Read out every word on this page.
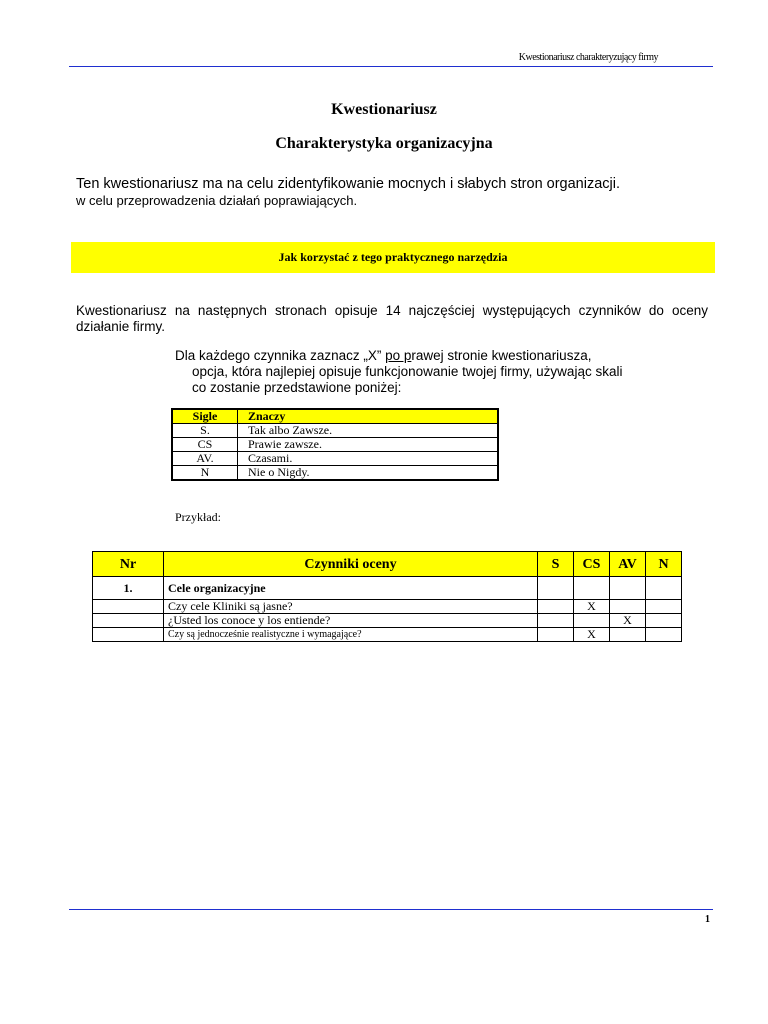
Kwestionariusz charakteryzujący firmy
Kwestionariusz
Charakterystyka organizacyjna
Ten kwestionariusz ma na celu zidentyfikowanie mocnych i słabych stron organizacji.
w celu przeprowadzenia działań poprawiających.
Jak korzystać z tego praktycznego narzędzia
Kwestionariusz na następnych stronach opisuje 14 najczęściej występujących czynników do oceny działanie firmy.
Dla każdego czynnika zaznacz „X” po prawej stronie kwestionariusza,
opcja, która najlepiej opisuje funkcjonowanie twojej firmy, używając skali
co zostanie przedstawione poniżej:
Sigle	Znaczy
S.	Tak albo Zawsze.
CS	Prawie zawsze.
AV.	Czasami.
N	Nie o Nigdy.
Przykład:
Nr	Czynniki oceny	S	CS	AV	N
1.	Cele organizacyjne				
	Czy cele Kliniki są jasne?		X		
	¿Usted los conoce y los entiende?			X	
	Czy są jednocześnie realistyczne i wymagające?		X		
1
